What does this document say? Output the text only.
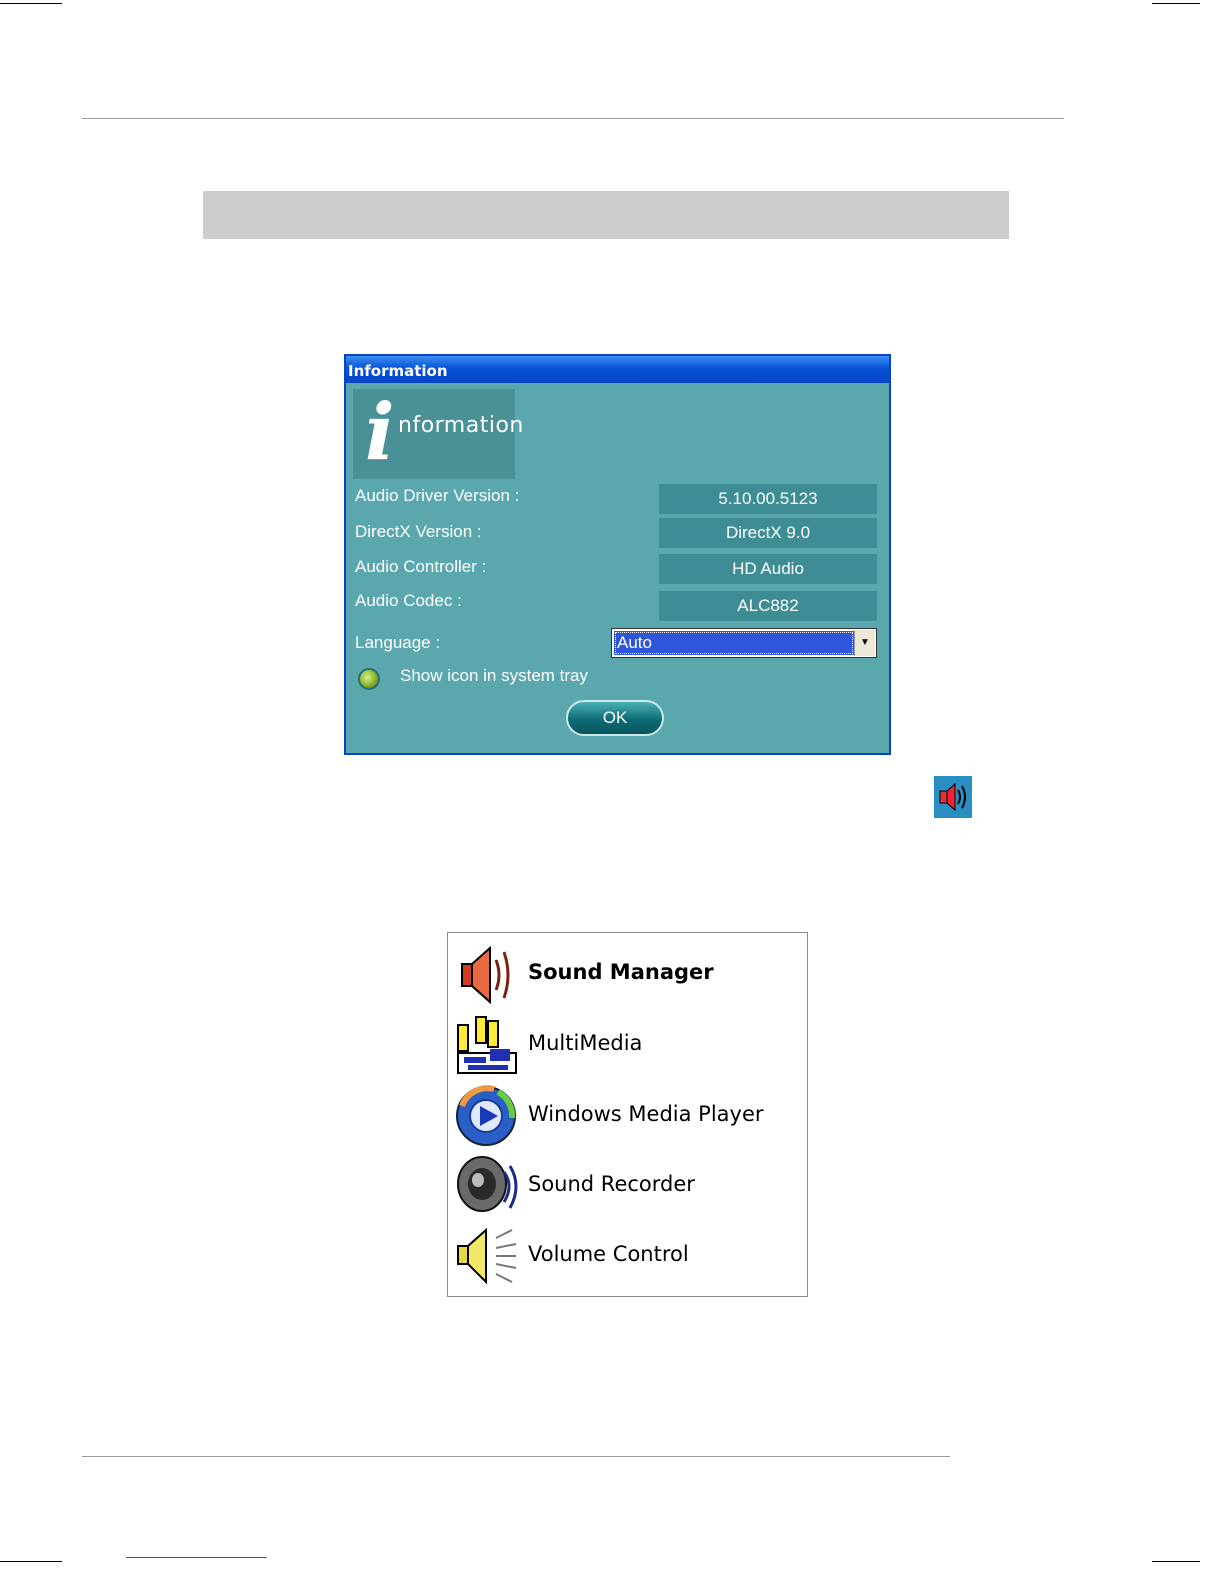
Information
i nformation
Audio Driver Version :	5.10.00.5123
DirectX Version :	DirectX 9.0
Audio Controller :	HD Audio
Audio Codec :	ALC882
Language :	Auto	▼
Show icon in system tray
OK
Sound Manager
MultiMedia
Windows Media Player
Sound Recorder
Volume Control
